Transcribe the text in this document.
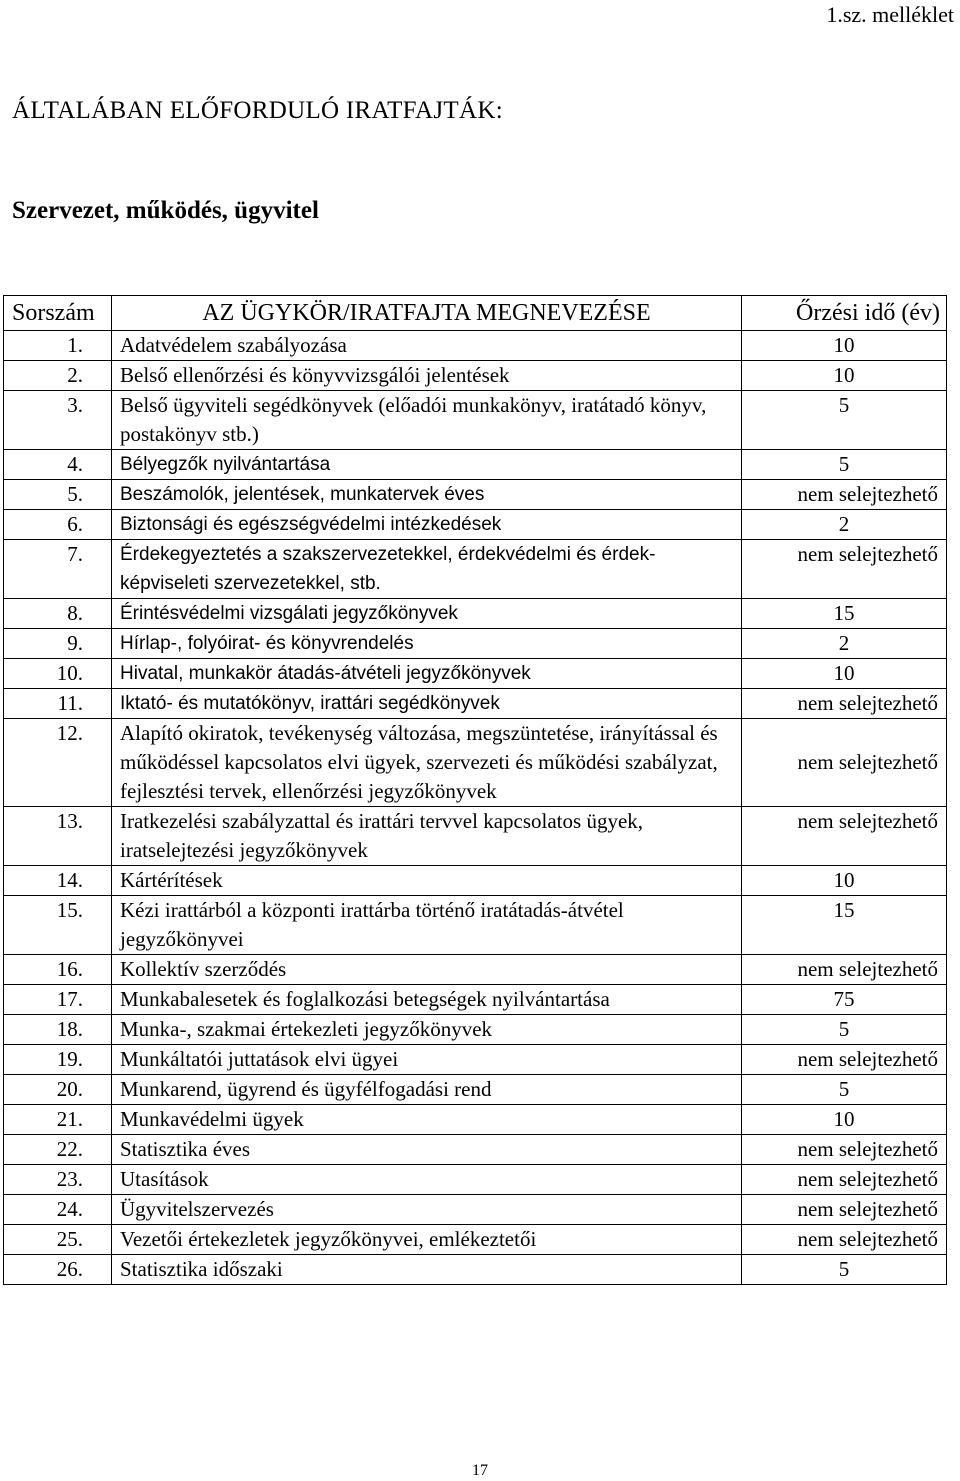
1.sz. melléklet
ÁLTALÁBAN ELŐFORDULÓ IRATFAJTÁK:
Szervezet, működés, ügyvitel
Sorszám	AZ ÜGYKÖR/IRATFAJTA MEGNEVEZÉSE	Őrzési idő (év)
1.	Adatvédelem szabályozása	10
2.	Belső ellenőrzési és könyvvizsgálói jelentések	10
3.	Belső ügyviteli segédkönyvek (előadói munkakönyv, iratátadó könyv, postakönyv stb.)	5
4.	Bélyegzők nyilvántartása	5
5.	Beszámolók, jelentések, munkatervek éves	nem selejtezhető
6.	Biztonsági és egészségvédelmi intézkedések	2
7.	Érdekegyeztetés a szakszervezetekkel, érdekvédelmi és érdek-képviseleti szervezetekkel, stb.	nem selejtezhető
8.	Érintésvédelmi vizsgálati jegyzőkönyvek	15
9.	Hírlap-, folyóirat- és könyvrendelés	2
10.	Hivatal, munkakör átadás-átvételi jegyzőkönyvek	10
11.	Iktató- és mutatókönyv, irattári segédkönyvek	nem selejtezhető
12.	Alapító okiratok, tevékenység változása, megszüntetése, irányítással és működéssel kapcsolatos elvi ügyek, szervezeti és működési szabályzat, fejlesztési tervek, ellenőrzési jegyzőkönyvek	nem selejtezhető
13.	Iratkezelési szabályzattal és irattári tervvel kapcsolatos ügyek, iratselejtezési jegyzőkönyvek	nem selejtezhető
14.	Kártérítések	10
15.	Kézi irattárból a központi irattárba történő iratátadás-átvétel jegyzőkönyvei	15
16.	Kollektív szerződés	nem selejtezhető
17.	Munkabalesetek és foglalkozási betegségek nyilvántartása	75
18.	Munka-, szakmai értekezleti jegyzőkönyvek	5
19.	Munkáltatói juttatások elvi ügyei	nem selejtezhető
20.	Munkarend, ügyrend és ügyfélfogadási rend	5
21.	Munkavédelmi ügyek	10
22.	Statisztika éves	nem selejtezhető
23.	Utasítások	nem selejtezhető
24.	Ügyvitelszervezés	nem selejtezhető
25.	Vezetői értekezletek jegyzőkönyvei, emlékeztetői	nem selejtezhető
26.	Statisztika időszaki	5
17
